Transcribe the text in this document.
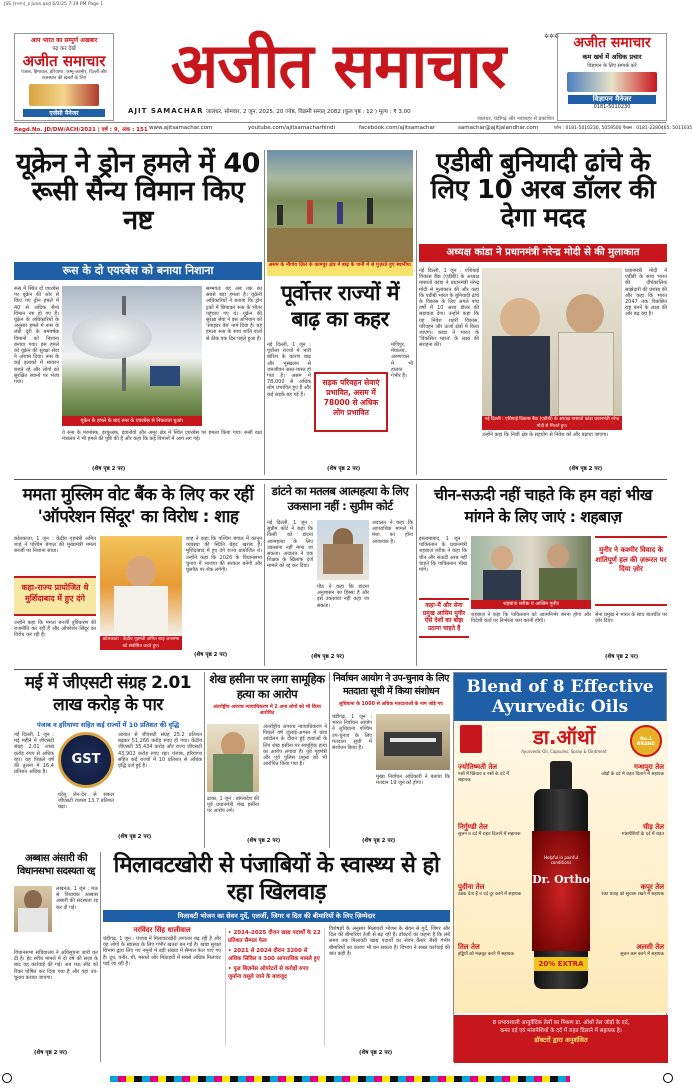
JSS (२०२५)_३ June.qxd 6/2/25 7:19 PM Page 1
आप भारत का सम्पूर्ण अखबार
पढ़ कर देखें
अजीत समाचार
पंजाब, हिमाचल, हरियाणा, जम्मू-कश्मीर, दिल्ली और राजस्थान की खबरों के लिए
एजेंसी मैनेजर
अजीत समाचार	✲✲✲	अजीत समाचार
कम खर्च में अधिक प्रचार
विज्ञापन के लिए सम्पर्क करें
विज्ञापन मैनेजर
0181-5010230
AJIT SAMACHAR जालंधर, सोमवार, 2 जून, 2025, 20 ज्येष्ठ, विक्रमी सम्वत् 2082 (कुल पृष्ठ : 12 ) मूल्य : ₹ 3.00
जालंधर, चंडीगढ़ और नवांशहर से प्रकाशित
Regd.No. JD/DW/ACH/2021 | वर्ष : 9, अंक : 151 www.ajitsamachar.com	youtube.com/ajitsamacharhindi	facebook.com/ajitsamachar	samachar@ajitjalandhar.com	फोन : 0181-5010230, 5059500 फैक्स : 0181-2280465, 5011035
यूक्रेन ने ड्रोन हमले में 40 रूसी सैन्य विमान किए नष्ट
रूस के दो एयरबेस को बनाया निशाना
रूस में स्थित दो एयरबेस पर यूक्रेन की ओर से किए गए ड्रोन हमले में 40 से अधिक सैन्य विमान नष्ट हो गए हैं। यूक्रेन के अधिकारियों के अनुसार हमले में रूस के लंबी दूरी के बमवर्षक विमानों को निशाना बनाया गया। इस हमले को यूक्रेन की सुरक्षा सेवा ने अंजाम दिया। रूस के कई इलाकों में सायरन बजते रहे और लोगों को सुरक्षित स्थानों पर भेजा गया।
यूक्रेन के हमले के बाद रूस के एयरबेस से निकलता धुआं।
सम्भवतः यह अब तक का सबसे बड़ा हमला है। यूक्रेनी अधिकारियों ने बताया कि ड्रोन ट्रकों में छिपाकर रूस के भीतर पहुंचाए गए थे। यूक्रेन की सुरक्षा सेवा ने इस अभियान को 'स्पाइडर वेब' नाम दिया है। यह हमला रूस के साथ शांति वार्ता से ठीक एक दिन पहले हुआ है।
ये रूस के मरमांस्क, इरकुत्स्क, इवानोवो और अमूर क्षेत्र में स्थित एयरबेस पर हमला किया गया। रूसी रक्षा मंत्रालय ने भी हमले की पुष्टि की है और कहा कि कई विमानों में आग लग गई।
(शेष पृष्ठ 2 पर)
असम के नौगांव ज़िले के कामपुर क्षेत्र में बाढ़ के पानी में से गुज़रते हुए स्थानीय।
पूर्वोत्तर राज्यों में बाढ़ का कहर
नई दिल्ली, 1 जून : पूर्वोत्तर राज्यों में भारी बारिश के कारण बाढ़ और भूस्खलन से जनजीवन अस्त-व्यस्त हो गया है। असम में 78,000 से अधिक लोग प्रभावित हुए हैं और कई सड़कें बह गई हैं।
सड़क परिवहन सेवाएं प्रभावित, असम में 78000 से अधिक लोग प्रभावित
मणिपुर, मेघालय, अरुणाचल में भी हालात गंभीर हैं।
(शेष पृष्ठ 2 पर)
एडीबी बुनियादी ढांचे के लिए 10 अरब डॉलर की देगा मदद
अध्यक्ष कांडा ने प्रधानमंत्री नरेन्द्र मोदी से की मुलाकात
नई दिल्ली, 1 जून : एशियाई विकास बैंक (एडीबी) के अध्यक्ष मासातो कांडा ने प्रधानमंत्री नरेन्द्र मोदी से मुलाकात की और कहा कि एडीबी भारत के बुनियादी ढांचे के विकास के लिए अगले पांच वर्षों में 10 अरब डॉलर की सहायता देगा। उन्होंने कहा कि यह निवेश शहरी विकास, परिवहन और ऊर्जा क्षेत्रों में किया जाएगा। कांडा ने भारत के 'विकसित भारत' के लक्ष्य की सराहना की।
नई दिल्ली : एशियाई विकास बैंक (एडीबी) के अध्यक्ष मासातो कांडा प्रधानमंत्री नरेन्द्र मोदी से मिलते हुए।
प्रधानमंत्री मोदी ने एडीबी के साथ भारत की दीर्घकालिक साझेदारी की प्रशंसा की और कहा कि भारत 2047 तक विकसित राष्ट्र बनने के लक्ष्य की ओर बढ़ रहा है।
उन्होंने कहा कि निजी क्षेत्र के सहयोग से निवेश को और बढ़ाया जाएगा।
(शेष पृष्ठ 2 पर)
ममता मुस्लिम वोट बैंक के लिए कर रहीं 'ऑपरेशन सिंदूर' का विरोध : शाह
कोलकाता, 1 जून : केंद्रीय गृहमंत्री अमित शाह ने पश्चिम बंगाल की मुख्यमंत्री ममता बनर्जी पर निशाना साधा।
कहा-राज्य प्रायोजित थे मुर्शिदाबाद में हुए दंगे
उन्होंने कहा कि ममता बनर्जी तुष्टिकरण की राजनीति कर रही हैं और ऑपरेशन सिंदूर का विरोध कर रही हैं।
कोलकाता : केंद्रीय गृहमंत्री अमित शाह जनसभा को संबोधित करते हुए।
शाह ने कहा कि पश्चिम बंगाल में कानून व्यवस्था की स्थिति बेहद खराब है। मुर्शिदाबाद में हुए दंगे राज्य प्रायोजित थे। उन्होंने कहा कि 2026 के विधानसभा चुनाव में भाजपा की सरकार बनेगी और घुसपैठ पर रोक लगेगी।
(शेष पृष्ठ 2 पर)
डांटने का मतलब आत्महत्या के लिए उकसाना नहीं : सुप्रीम कोर्ट
नई दिल्ली, 1 जून : सुप्रीम कोर्ट ने कहा कि किसी को डांटना आत्महत्या के लिए उकसाना नहीं माना जा सकता। अदालत ने एक शिक्षक के खिलाफ दर्ज मामले को रद्द कर दिया।
पीठ ने कहा कि डांटना अनुशासन का हिस्सा है और इसे उकसावा नहीं कहा जा सकता।
अदालत ने कहा कि आपराधिक मामले में मंशा का होना आवश्यक है।
(शेष पृष्ठ 2 पर)
चीन-सऊदी नहीं चाहते कि हम वहां भीख मांगने के लिए जाएं : शहबाज़
इस्लामाबाद, 1 जून : पाकिस्तान के प्रधानमंत्री शहबाज़ शरीफ़ ने कहा कि चीन और सऊदी अरब नहीं चाहते कि पाकिस्तान भीख मांगे।
शहबाज़ शरीफ़ व आसिम मुनीर
कहा-मैं और सेना प्रमुख आसिम मुनीर ऐसे देशों का बोझ उठाना चाहते हैं
मुनीर ने कश्मीर विवाद के शांतिपूर्ण हल की ज़रूरत पर दिया ज़ोर
शहबाज़ ने कहा कि पाकिस्तान को आत्मनिर्भर बनना होगा और विदेशी कर्ज़ पर निर्भरता कम करनी होगी।
सेना प्रमुख ने भारत के साथ बातचीत पर ज़ोर दिया।
(शेष पृष्ठ 2 पर)
मई में जीएसटी संग्रह 2.01 लाख करोड़ के पार
पंजाब व हरियाणा सहित कई राज्यों में 10 प्रतिशत की वृद्धि
नई दिल्ली, 1 जून : मई महीने में जीएसटी संग्रह 2.01 लाख करोड़ रुपए से अधिक रहा। यह पिछले वर्ष की तुलना में 16.4 प्रतिशत अधिक है।
GST
घरेलू लेन-देन से सकल जीएसटी राजस्व 13.7 प्रतिशत बढ़ा।
आयात से जीएसटी संग्रह 25.2 प्रतिशत बढ़कर 51,266 करोड़ रुपए हो गया। केंद्रीय जीएसटी 35,434 करोड़ और राज्य जीएसटी 43,902 करोड़ रुपए रहा। पंजाब, हरियाणा सहित कई राज्यों में 10 प्रतिशत से अधिक वृद्धि दर्ज हुई है।
(शेष पृष्ठ 2 पर)
शेख हसीना पर लगा सामूहिक हत्या का आरोप
अंतर्राष्ट्रीय अपराध न्यायाधिकरण में 2 अन्य लोगों को भी किया आरोपित
ढाका, 1 जून : बांग्लादेश की पूर्व प्रधानमंत्री शेख हसीना पर आरोप लगे।
अंतर्राष्ट्रीय अपराध न्यायाधिकरण ने पिछले वर्ष जुलाई-अगस्त में छात्र आंदोलन के दौरान हुई हत्याओं के लिए शेख हसीना पर सामूहिक हत्या का आरोप लगाया है। पूर्व गृहमंत्री और पूर्व पुलिस प्रमुख को भी आरोपित किया गया है।
(शेष पृष्ठ 2 पर)
निर्वाचन आयोग ने उप-चुनाव के लिए मतदाता सूची में किया संशोधन
लुधियाना के 1000 से अधिक मतदाताओं के नाम जोड़े गए
चंडीगढ़, 1 जून : भारत निर्वाचन आयोग ने लुधियाना पश्चिम उप-चुनाव के लिए मतदाता सूची में संशोधन किया है।
मुख्य निर्वाचन अधिकारी ने बताया कि मतदान 19 जून को होगा।
(शेष पृष्ठ 2 पर)
अब्बास अंसारी की विधानसभा सदस्यता रद्द
लखनऊ, 1 जून : मऊ से विधायक अब्बास अंसारी की सदस्यता रद्द कर दी गई।
विधानसभा सचिवालय ने अधिसूचना जारी कर दी है। हेट स्पीच मामले में दो वर्ष की सज़ा के बाद यह कार्रवाई की गई। अब मऊ सीट को रिक्त घोषित कर दिया गया है और वहां उप-चुनाव कराया जाएगा।
(शेष पृष्ठ 2 पर)
मिलावटखोरी से पंजाबियों के स्वास्थ्य से हो रहा खिलवाड़
मिलावटी भोजन का सेवन गुर्दे, एलर्जी, जिगर व दिल की बीमारियों के लिए ज़िम्मेदार
नरविंदर सिंह धालीवाल
चंडीगढ़, 1 जून : पंजाब में मिलावटखोरी लगातार बढ़ रही है और यह लोगों के स्वास्थ्य के लिए गंभीर खतरा बन गई है। खाद्य सुरक्षा विभाग द्वारा लिए गए नमूनों में बड़ी संख्या में सैम्पल फेल पाए गए हैं। दूध, पनीर, घी, मसाले और मिठाइयों में सबसे अधिक मिलावट पाई जा रही है।
• 2024-2025 दौरान खाद्य पदार्थों के 22 प्रतिशत सैम्पल फेल
• 2021 से 2024 दौरान 3200 से अधिक सिविल व 300 आपराधिक मामले हुए
• फूड बिज़नेस ऑपरेटरों से करोड़ों रुपए जुर्माना वसूले जाने के बावजूद
विशेषज्ञों के अनुसार मिलावटी भोजन के सेवन से गुर्दे, जिगर और दिल की बीमारियां तेज़ी से बढ़ रही हैं। डॉक्टरों का कहना है कि लंबे समय तक मिलावटी खाद्य पदार्थों का सेवन कैंसर जैसी गंभीर बीमारियों का कारण भी बन सकता है। विभाग ने सख्त कार्रवाई की बात कही है।
(शेष पृष्ठ 2 पर)
Blend of 8 Effective Ayurvedic Oils
डा.ऑर्थो
Ayurvedic Oil, Capsules, Spray & Ointment
No.1 BRAND
ज्योतिष्मती तेल
नसों में खिंचाव व नसों के दर्द में सहायक
निर्गुण्डी तेल
सूजन व दर्द में राहत दिलाने में सहायक
पुदीना तेल
ठंडक देता है व दर्द दूर करने में सहायक
तिल तेल
हड्डियों को मज़बूत करने में सहायक
गन्धपूरा तेल
जोड़ों के दर्द में राहत दिलाने में सहायक
चीड़ तेल
मांसपेशियों के दर्द में राहत
कपूर तेल
रक्त प्रवाह को सुचारू रखने में सहायक
अलसी तेल
सूजन कम करने में सहायक
Dr. Ortho
Helpful in painful conditions
20% EXTRA
8 प्रभावशाली आयुर्वेदिक तेलों का मिश्रण डा. ऑर्थो तेल जोड़ों के दर्द,
कमर दर्द एवं मांसपेशियों के दर्द में राहत दिलाने में सहायक है।
डॉक्टरों द्वारा अनुशंसित
